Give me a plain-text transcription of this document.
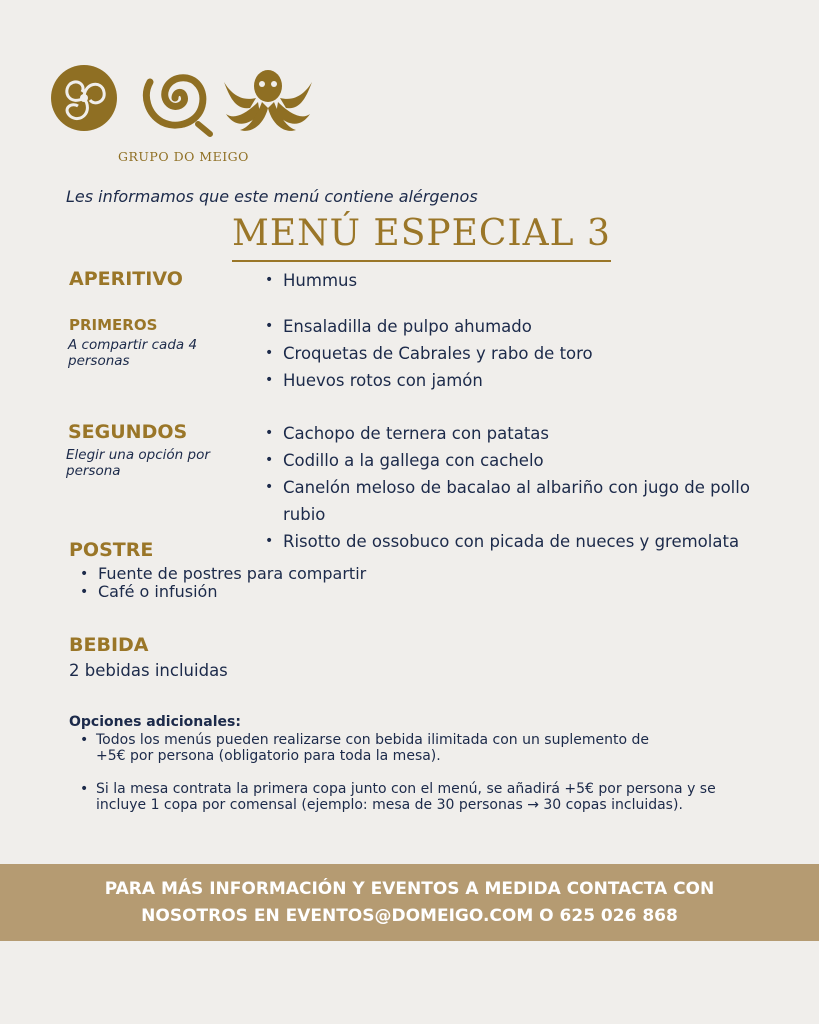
GRUPO DO MEIGO
Les informamos que este menú contiene alérgenos
MENÚ ESPECIAL 3
APERITIVO
•	Hummus
PRIMEROS
A compartir cada 4 personas
• Ensaladilla de pulpo ahumado
• Croquetas de Cabrales y rabo de toro
• Huevos rotos con jamón
SEGUNDOS
Elegir una opción por persona
• Cachopo de ternera con patatas
• Codillo a la gallega con cachelo
• Canelón meloso de bacalao al albariño con jugo de pollo rubio
• Risotto de ossobuco con picada de nueces y gremolata
POSTRE
• Fuente de postres para compartir
• Café o infusión
BEBIDA
2 bebidas incluidas
Opciones adicionales:
• Todos los menús pueden realizarse con bebida ilimitada con un suplemento de +5€ por persona (obligatorio para toda la mesa).
• Si la mesa contrata la primera copa junto con el menú, se añadirá +5€ por persona y se incluye 1 copa por comensal (ejemplo: mesa de 30 personas → 30 copas incluidas).
PARA MÁS INFORMACIÓN Y EVENTOS A MEDIDA CONTACTA CON NOSOTROS EN EVENTOS@DOMEIGO.COM O 625 026 868
